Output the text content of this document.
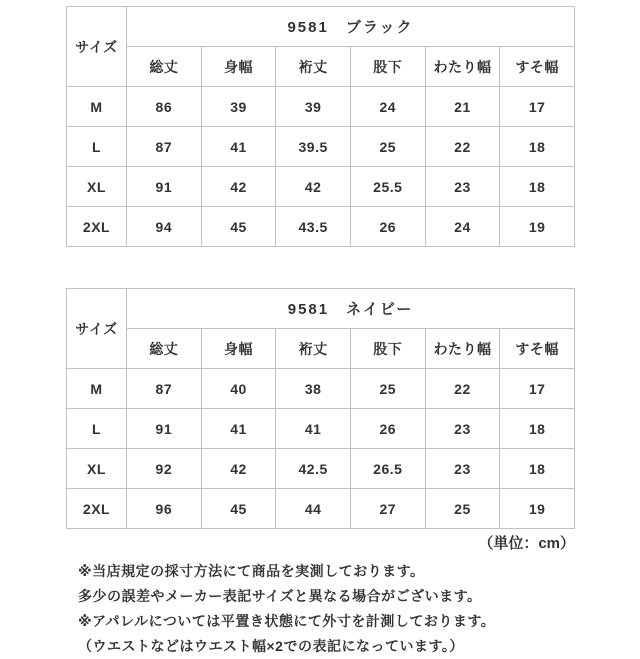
サイズ	9581　ブラック					
	総丈	身幅	裄丈	股下	わたり幅	すそ幅
M	86	39	39	24	21	17
L	87	41	39.5	25	22	18
XL	91	42	42	25.5	23	18
2XL	94	45	43.5	26	24	19
サイズ	9581　ネイビー					
	総丈	身幅	裄丈	股下	わたり幅	すそ幅
M	87	40	38	25	22	17
L	91	41	41	26	23	18
XL	92	42	42.5	26.5	23	18
2XL	96	45	44	27	25	19
（単位：cm）

※当店規定の採寸方法にて商品を実測しております。

多少の誤差やメーカー表記サイズと異なる場合がございます。

※アパレルについては平置き状態にて外寸を計測しております。

（ウエストなどはウエスト幅×2での表記になっています。）
